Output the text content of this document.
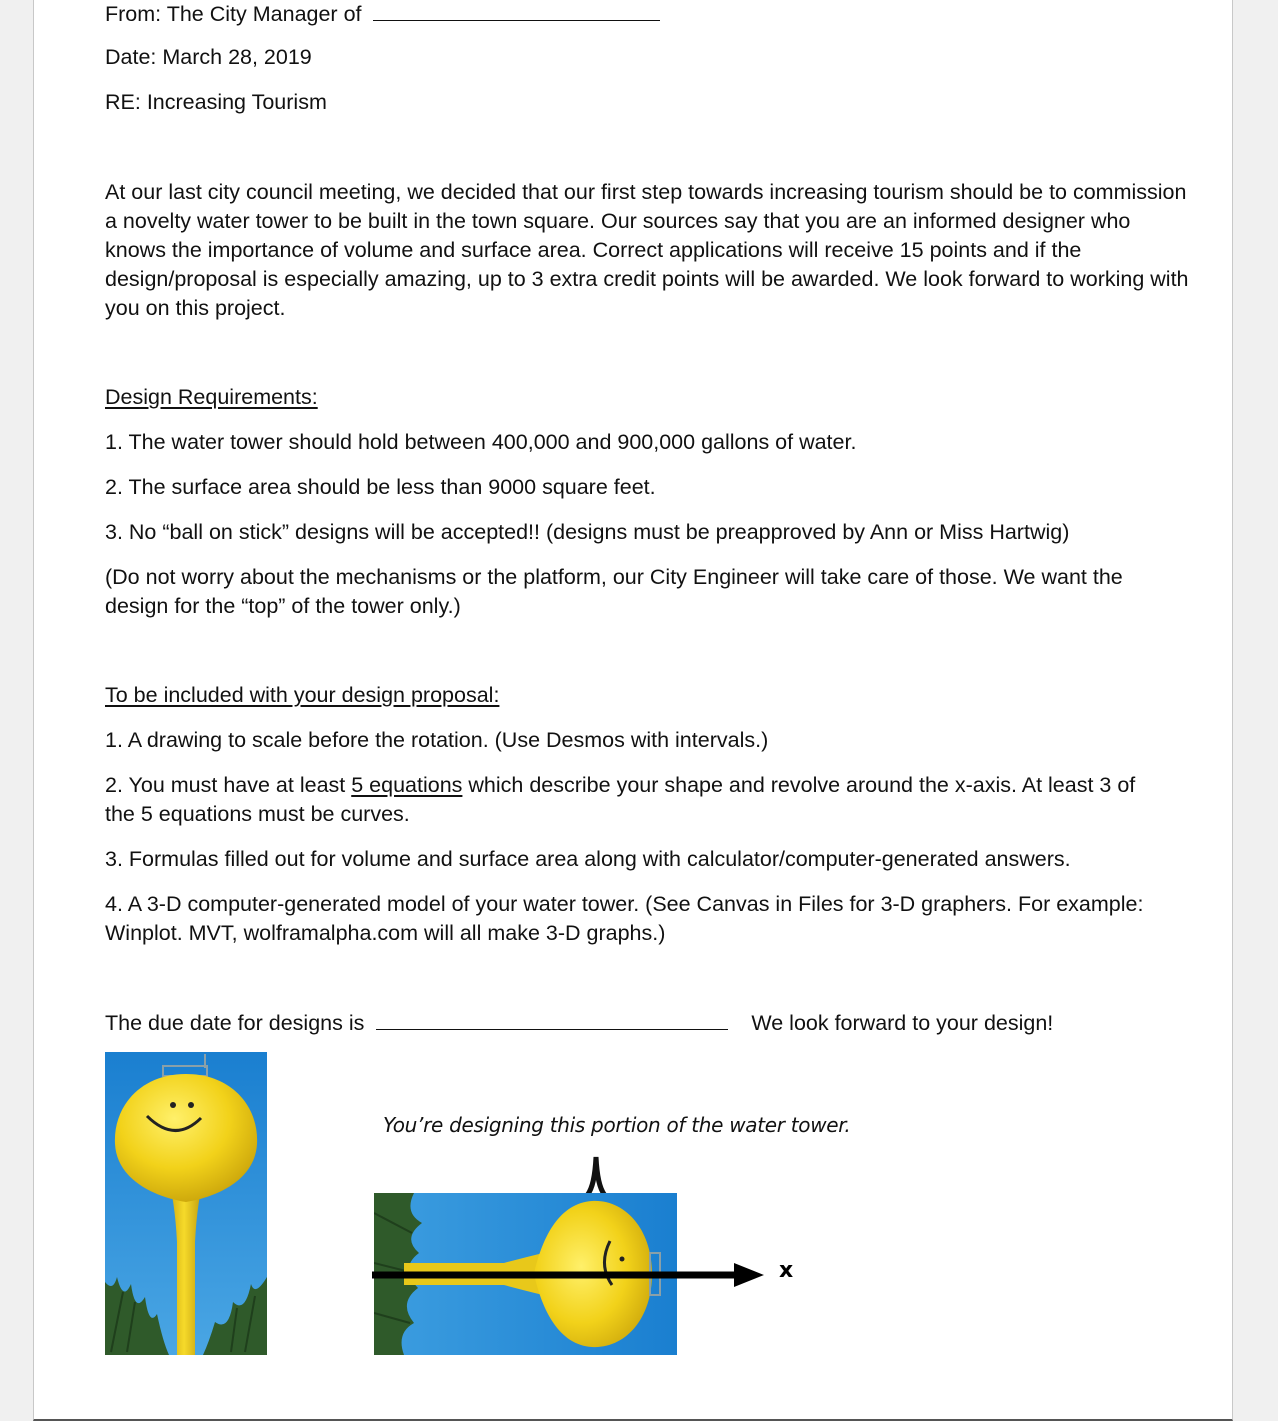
From: The City Manager of
Date: March 28, 2019
RE: Increasing Tourism
At our last city council meeting, we decided that our first step towards increasing tourism should be to commission a novelty water tower to be built in the town square. Our sources say that you are an informed designer who knows the importance of volume and surface area. Correct applications will receive 15 points and if the design/proposal is especially amazing, up to 3 extra credit points will be awarded. We look forward to working with you on this project.
Design Requirements:
1. The water tower should hold between 400,000 and 900,000 gallons of water.
2. The surface area should be less than 9000 square feet.
3. No “ball on stick” designs will be accepted!! (designs must be preapproved by Ann or Miss Hartwig)
(Do not worry about the mechanisms or the platform, our City Engineer will take care of those. We want the design for the “top” of the tower only.)
To be included with your design proposal:
1. A drawing to scale before the rotation. (Use Desmos with intervals.)
2. You must have at least 5 equations which describe your shape and revolve around the x-axis. At least 3 of the 5 equations must be curves.
3. Formulas filled out for volume and surface area along with calculator/computer-generated answers.
4. A 3-D computer-generated model of your water tower. (See Canvas in Files for 3-D graphers. For example: Winplot. MVT, wolframalpha.com will all make 3-D graphs.)
The due date for designs is	We look forward to your design!
You’re designing this portion of the water tower.
x
